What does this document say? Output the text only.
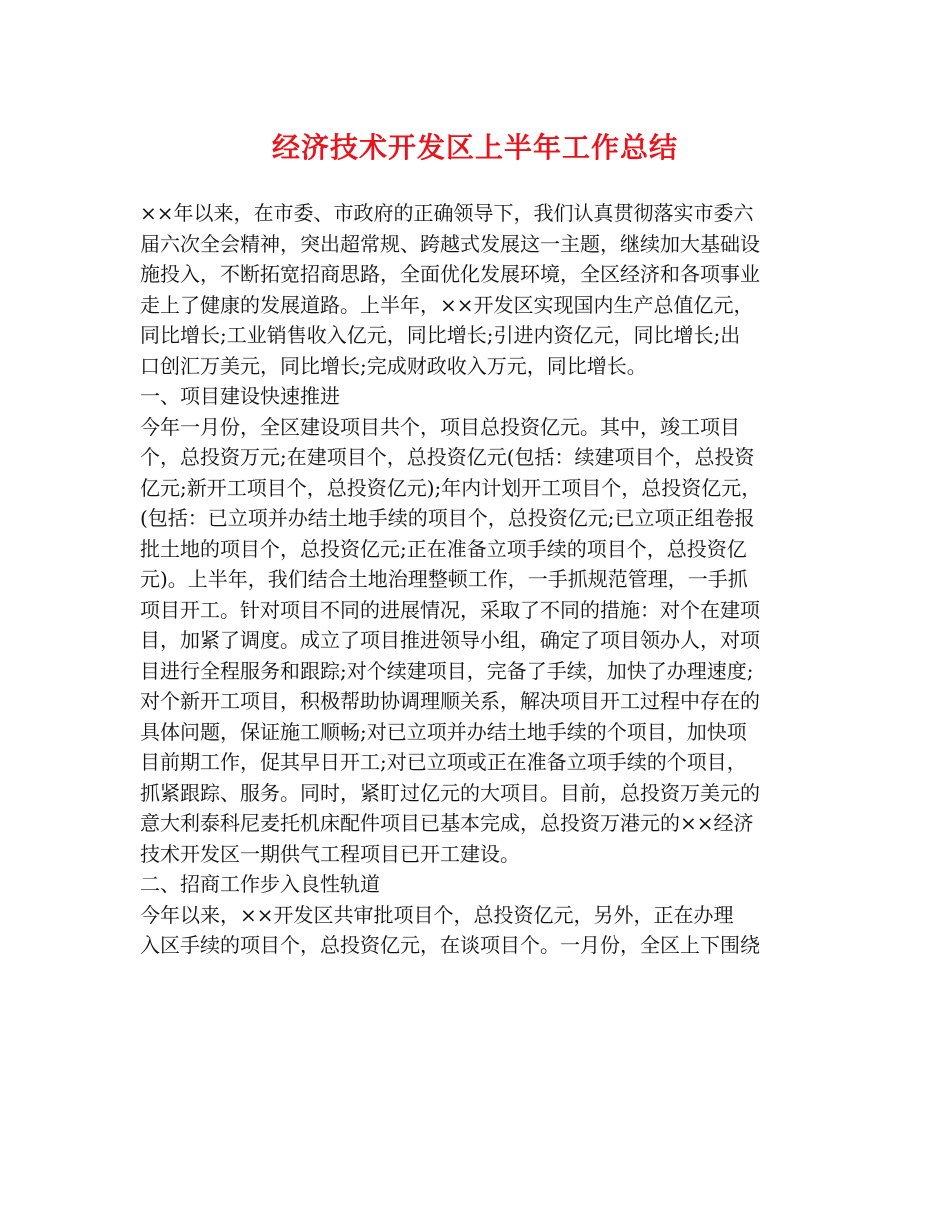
经济技术开发区上半年工作总结
××年以来，在市委、市政府的正确领导下，我们认真贯彻落实市委六
届六次全会精神，突出超常规、跨越式发展这一主题，继续加大基础设
施投入，不断拓宽招商思路，全面优化发展环境，全区经济和各项事业
走上了健康的发展道路。上半年，××开发区实现国内生产总值亿元，
同比增长;工业销售收入亿元，同比增长;引进内资亿元，同比增长;出
口创汇万美元，同比增长;完成财政收入万元，同比增长。
一、项目建设快速推进
今年一月份，全区建设项目共个，项目总投资亿元。其中，竣工项目
个，总投资万元;在建项目个，总投资亿元(包括：续建项目个，总投资
亿元;新开工项目个，总投资亿元);年内计划开工项目个，总投资亿元，
(包括：已立项并办结土地手续的项目个，总投资亿元;已立项正组卷报
批土地的项目个，总投资亿元;正在准备立项手续的项目个，总投资亿
元)。上半年，我们结合土地治理整顿工作，一手抓规范管理，一手抓
项目开工。针对项目不同的进展情况，采取了不同的措施：对个在建项
目，加紧了调度。成立了项目推进领导小组，确定了项目领办人，对项
目进行全程服务和跟踪;对个续建项目，完备了手续，加快了办理速度;
对个新开工项目，积极帮助协调理顺关系，解决项目开工过程中存在的
具体问题，保证施工顺畅;对已立项并办结土地手续的个项目，加快项
目前期工作，促其早日开工;对已立项或正在准备立项手续的个项目，
抓紧跟踪、服务。同时，紧盯过亿元的大项目。目前，总投资万美元的
意大利泰科尼麦托机床配件项目已基本完成，总投资万港元的××经济
技术开发区一期供气工程项目已开工建设。
二、招商工作步入良性轨道
今年以来，××开发区共审批项目个，总投资亿元，另外，正在办理
入区手续的项目个，总投资亿元，在谈项目个。一月份，全区上下围绕
